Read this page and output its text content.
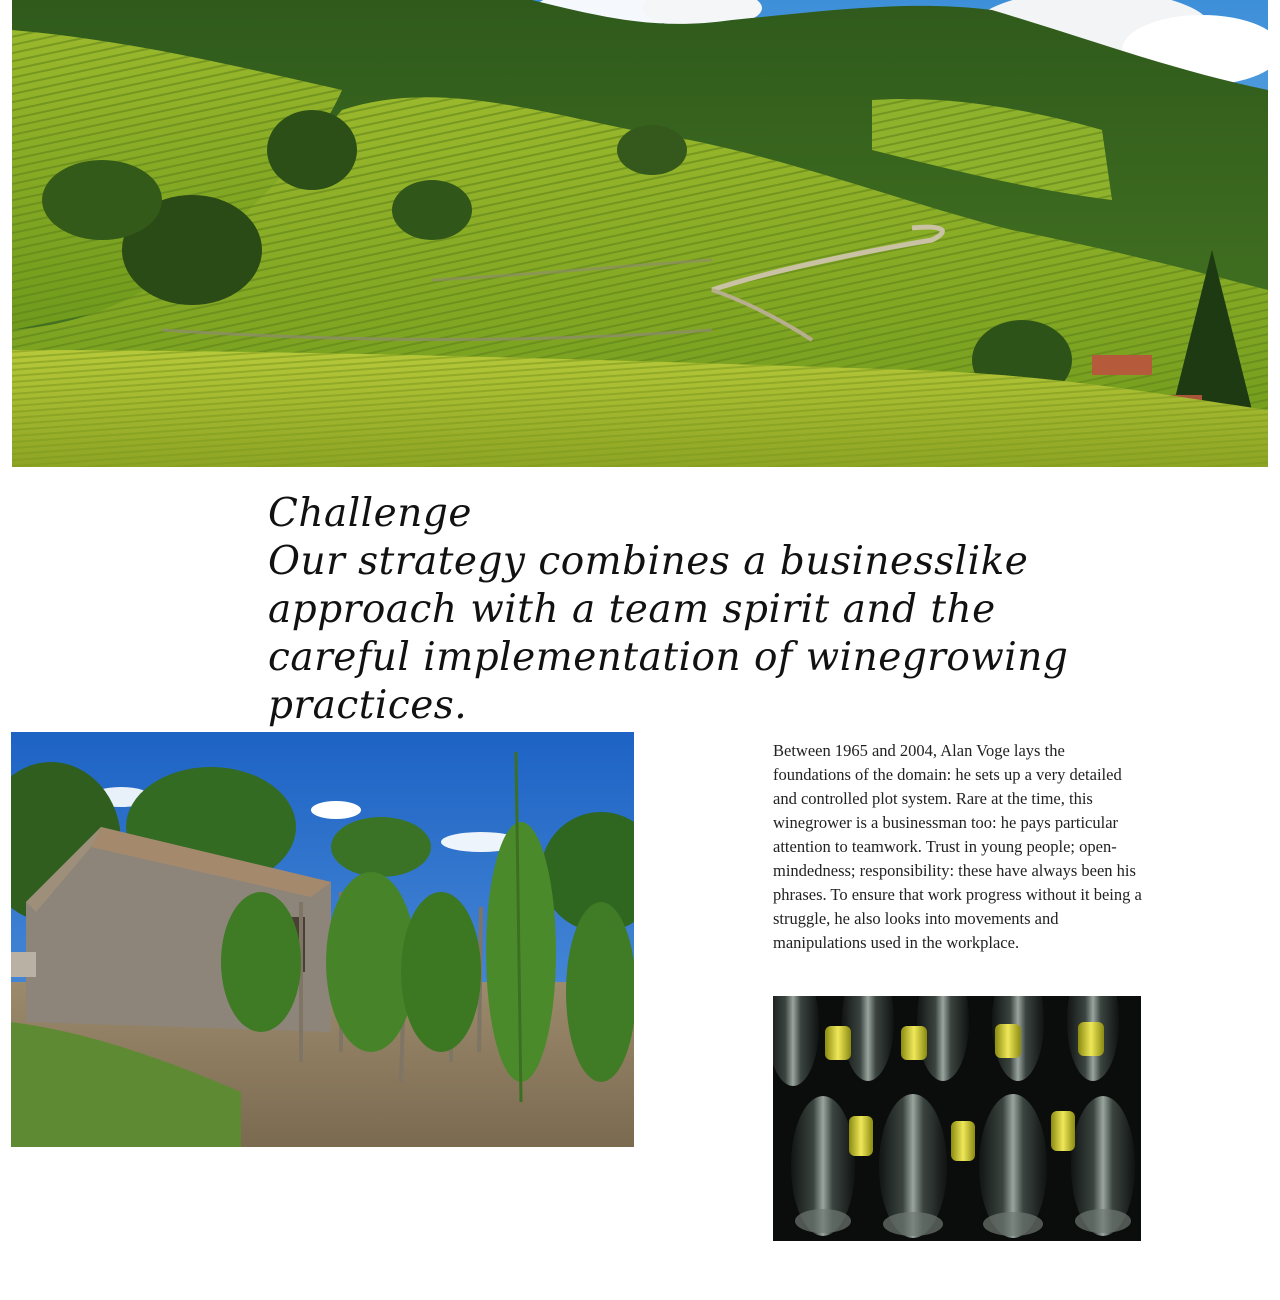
Challenge
Our strategy combines a businesslike approach with a team spirit and the careful implementation of winegrowing practices.

Between 1965 and 2004, Alan Voge lays the foundations of the domain: he sets up a very detailed and controlled plot system. Rare at the time, this winegrower is a businessman too: he pays particular attention to teamwork. Trust in young people; open-mindedness; responsibility: these have always been his phrases. To ensure that work progress without it being a struggle, he also looks into movements and manipulations used in the workplace.
